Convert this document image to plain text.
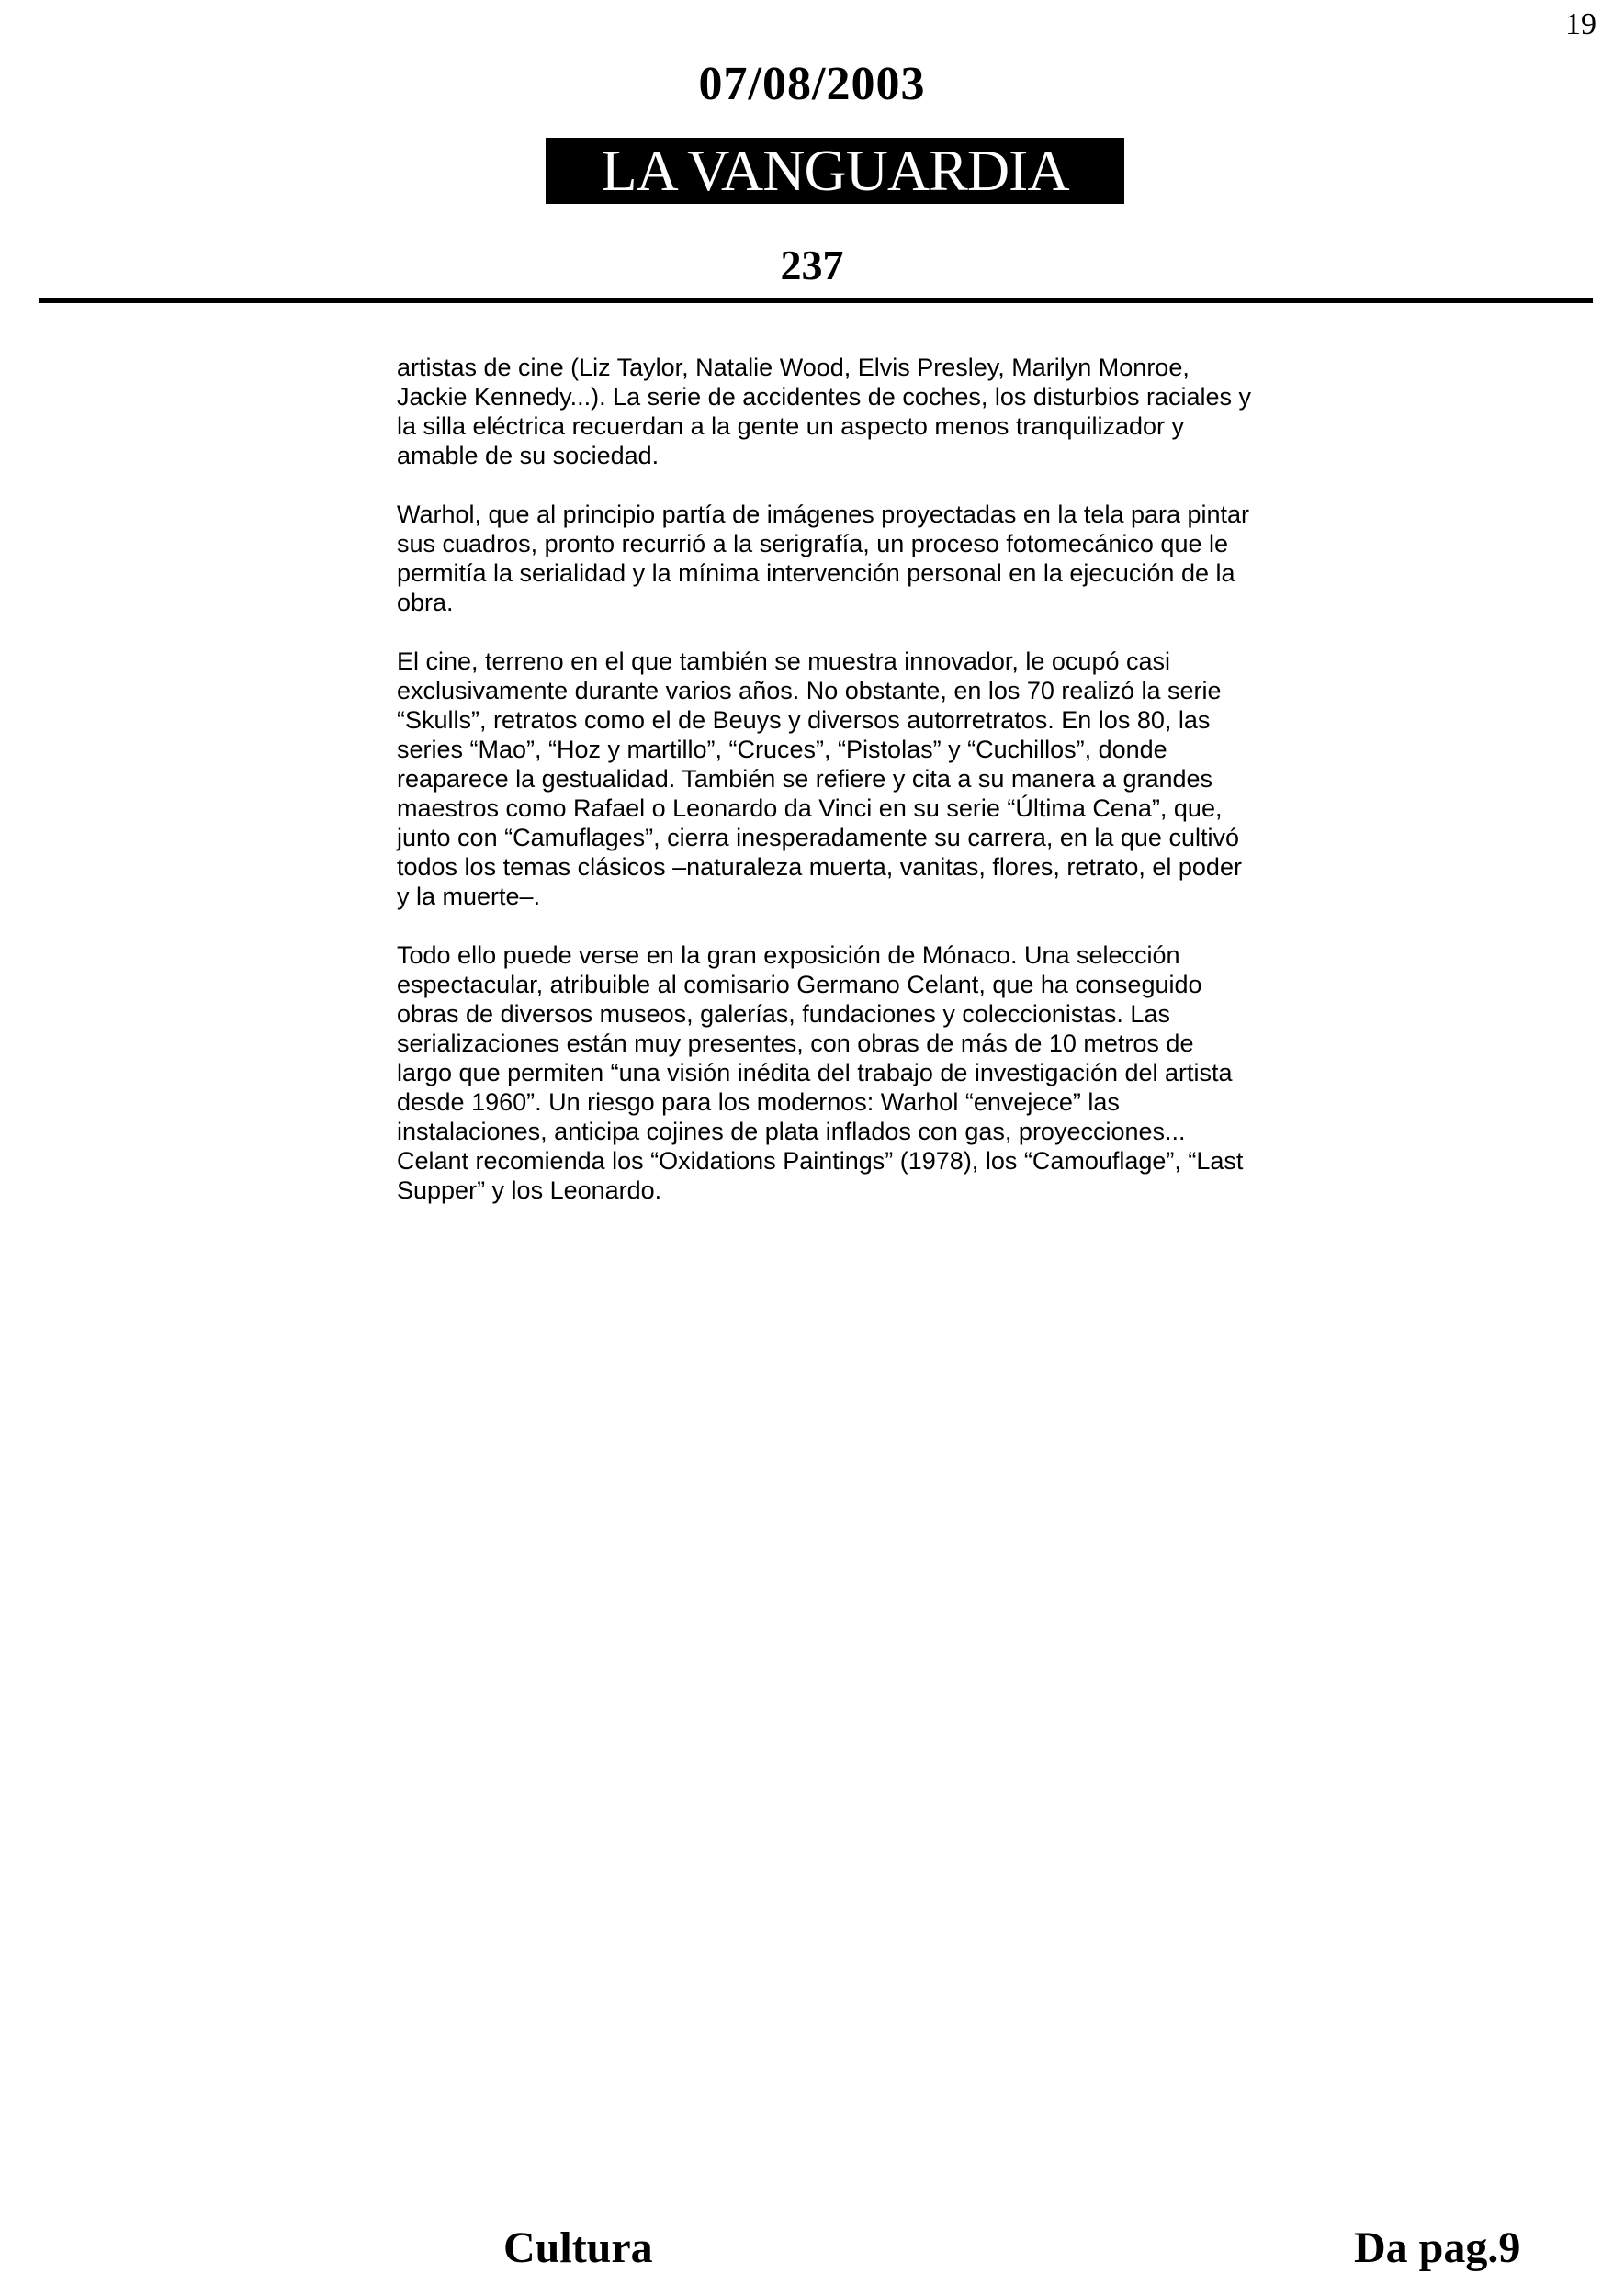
19
07/08/2003
LA VANGUARDIA
237

artistas de cine (Liz Taylor, Natalie Wood, Elvis Presley, Marilyn Monroe, Jackie Kennedy...). La serie de accidentes de coches, los disturbios raciales y la silla eléctrica recuerdan a la gente un aspecto menos tranquilizador y amable de su sociedad.

Warhol, que al principio partía de imágenes proyectadas en la tela para pintar sus cuadros, pronto recurrió a la serigrafía, un proceso fotomecánico que le permitía la serialidad y la mínima intervención personal en la ejecución de la obra.

El cine, terreno en el que también se muestra innovador, le ocupó casi exclusivamente durante varios años. No obstante, en los 70 realizó la serie “Skulls”, retratos como el de Beuys y diversos autorretratos. En los 80, las series “Mao”, “Hoz y martillo”, “Cruces”, “Pistolas” y “Cuchillos”, donde reaparece la gestualidad. También se refiere y cita a su manera a grandes maestros como Rafael o Leonardo da Vinci en su serie “Última Cena”, que, junto con “Camuflages”, cierra inesperadamente su carrera, en la que cultivó todos los temas clásicos –naturaleza muerta, vanitas, flores, retrato, el poder y la muerte–.

Todo ello puede verse en la gran exposición de Mónaco. Una selección espectacular, atribuible al comisario Germano Celant, que ha conseguido obras de diversos museos, galerías, fundaciones y coleccionistas. Las serializaciones están muy presentes, con obras de más de 10 metros de largo que permiten “una visión inédita del trabajo de investigación del artista desde 1960”. Un riesgo para los modernos: Warhol “envejece” las instalaciones, anticipa cojines de plata inflados con gas, proyecciones... Celant recomienda los “Oxidations Paintings” (1978), los “Camouflage”, “Last Supper” y los Leonardo.

Cultura	Da pag.9
